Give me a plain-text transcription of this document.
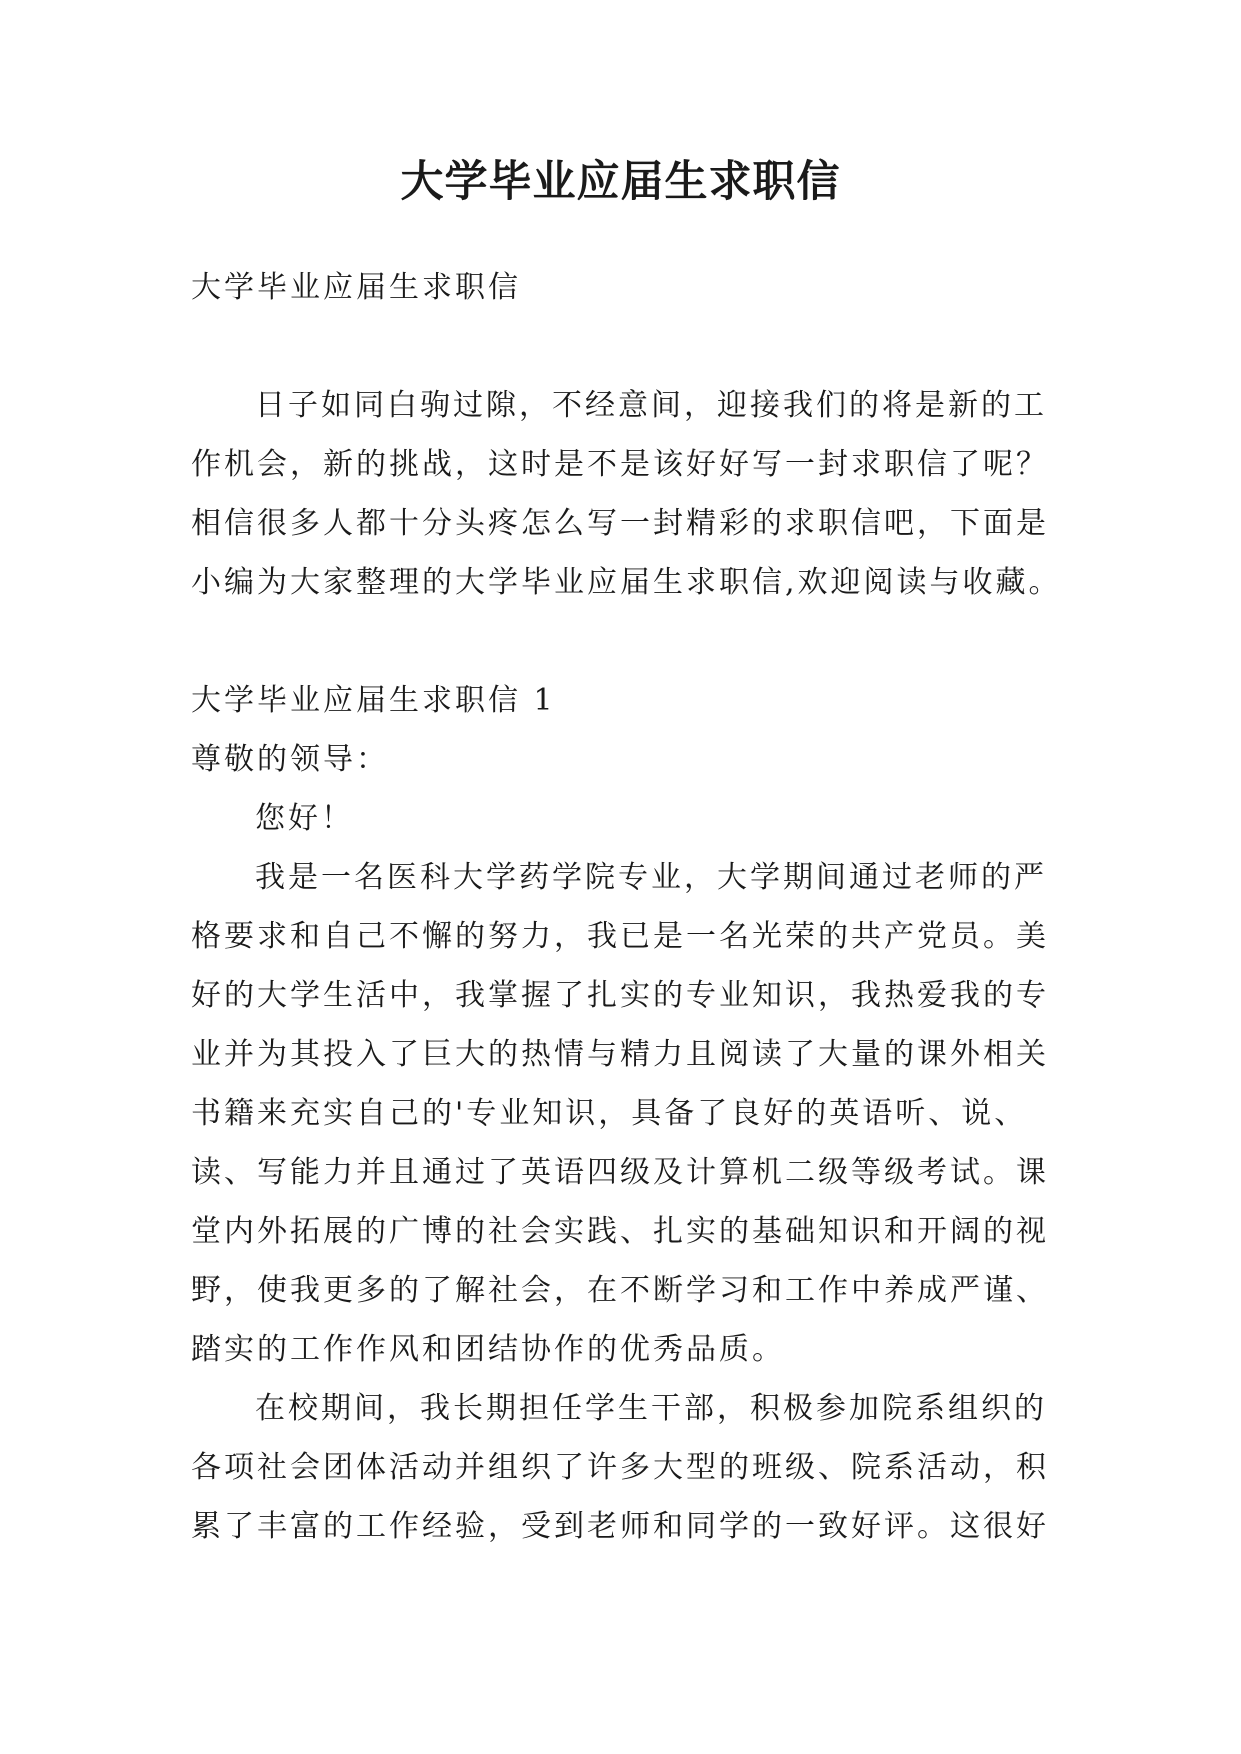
大学毕业应届生求职信

大学毕业应届生求职信

日子如同白驹过隙，不经意间，迎接我们的将是新的工作机会，新的挑战，这时是不是该好好写一封求职信了呢？相信很多人都十分头疼怎么写一封精彩的求职信吧，下面是小编为大家整理的大学毕业应届生求职信,欢迎阅读与收藏。

大学毕业应届生求职信 1

尊敬的领导：

您好！

我是一名医科大学药学院专业，大学期间通过老师的严格要求和自己不懈的努力，我已是一名光荣的共产党员。美好的大学生活中，我掌握了扎实的专业知识，我热爱我的专业并为其投入了巨大的热情与精力且阅读了大量的课外相关书籍来充实自己的'专业知识，具备了良好的英语听、说、读、写能力并且通过了英语四级及计算机二级等级考试。课堂内外拓展的广博的社会实践、扎实的基础知识和开阔的视野，使我更多的了解社会，在不断学习和工作中养成严谨、踏实的工作作风和团结协作的优秀品质。

在校期间，我长期担任学生干部，积极参加院系组织的各项社会团体活动并组织了许多大型的班级、院系活动，积累了丰富的工作经验，受到老师和同学的一致好评。这很好
